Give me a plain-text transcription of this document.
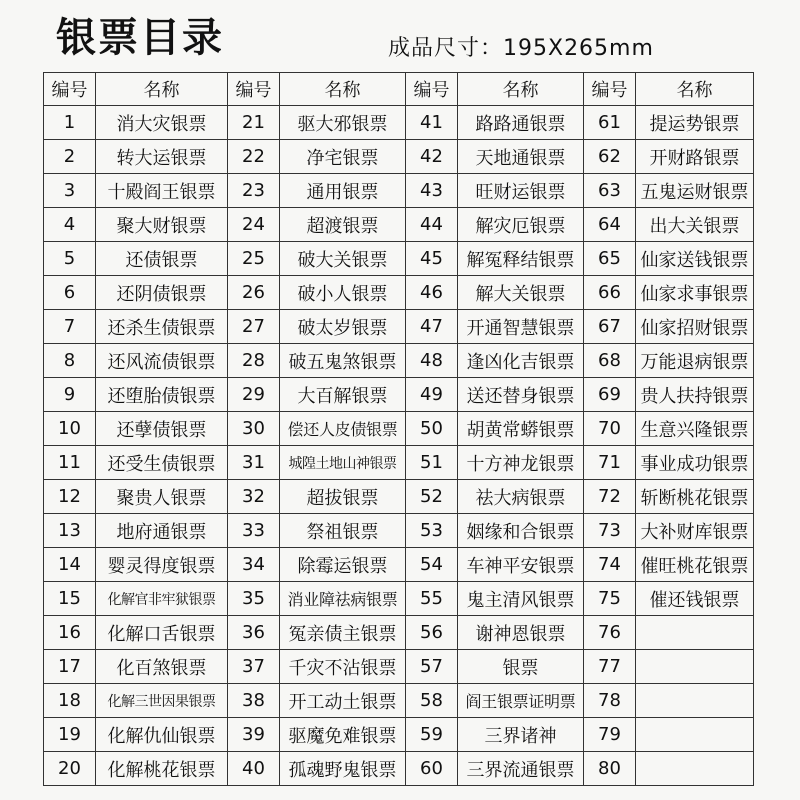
银票目录	成品尺寸：195X265mm
编号	名称	编号	名称	编号	名称	编号	名称
1	消大灾银票	21	驱大邪银票	41	路路通银票	61	提运势银票
2	转大运银票	22	净宅银票	42	天地通银票	62	开财路银票
3	十殿阎王银票	23	通用银票	43	旺财运银票	63	五鬼运财银票
4	聚大财银票	24	超渡银票	44	解灾厄银票	64	出大关银票
5	还债银票	25	破大关银票	45	解冤释结银票	65	仙家送钱银票
6	还阴债银票	26	破小人银票	46	解大关银票	66	仙家求事银票
7	还杀生债银票	27	破太岁银票	47	开通智慧银票	67	仙家招财银票
8	还风流债银票	28	破五鬼煞银票	48	逢凶化吉银票	68	万能退病银票
9	还堕胎债银票	29	大百解银票	49	送还替身银票	69	贵人扶持银票
10	还孽债银票	30	偿还人皮债银票	50	胡黄常蟒银票	70	生意兴隆银票
11	还受生债银票	31	城隍土地山神银票	51	十方神龙银票	71	事业成功银票
12	聚贵人银票	32	超拔银票	52	祛大病银票	72	斩断桃花银票
13	地府通银票	33	祭祖银票	53	姻缘和合银票	73	大补财库银票
14	婴灵得度银票	34	除霉运银票	54	车神平安银票	74	催旺桃花银票
15	化解官非牢狱银票	35	消业障祛病银票	55	鬼主清风银票	75	催还钱银票
16	化解口舌银票	36	冤亲债主银票	56	谢神恩银票	76	
17	化百煞银票	37	千灾不沾银票	57	银票	77	
18	化解三世因果银票	38	开工动土银票	58	阎王银票证明票	78	
19	化解仇仙银票	39	驱魔免难银票	59	三界诸神	79	
20	化解桃花银票	40	孤魂野鬼银票	60	三界流通银票	80	
